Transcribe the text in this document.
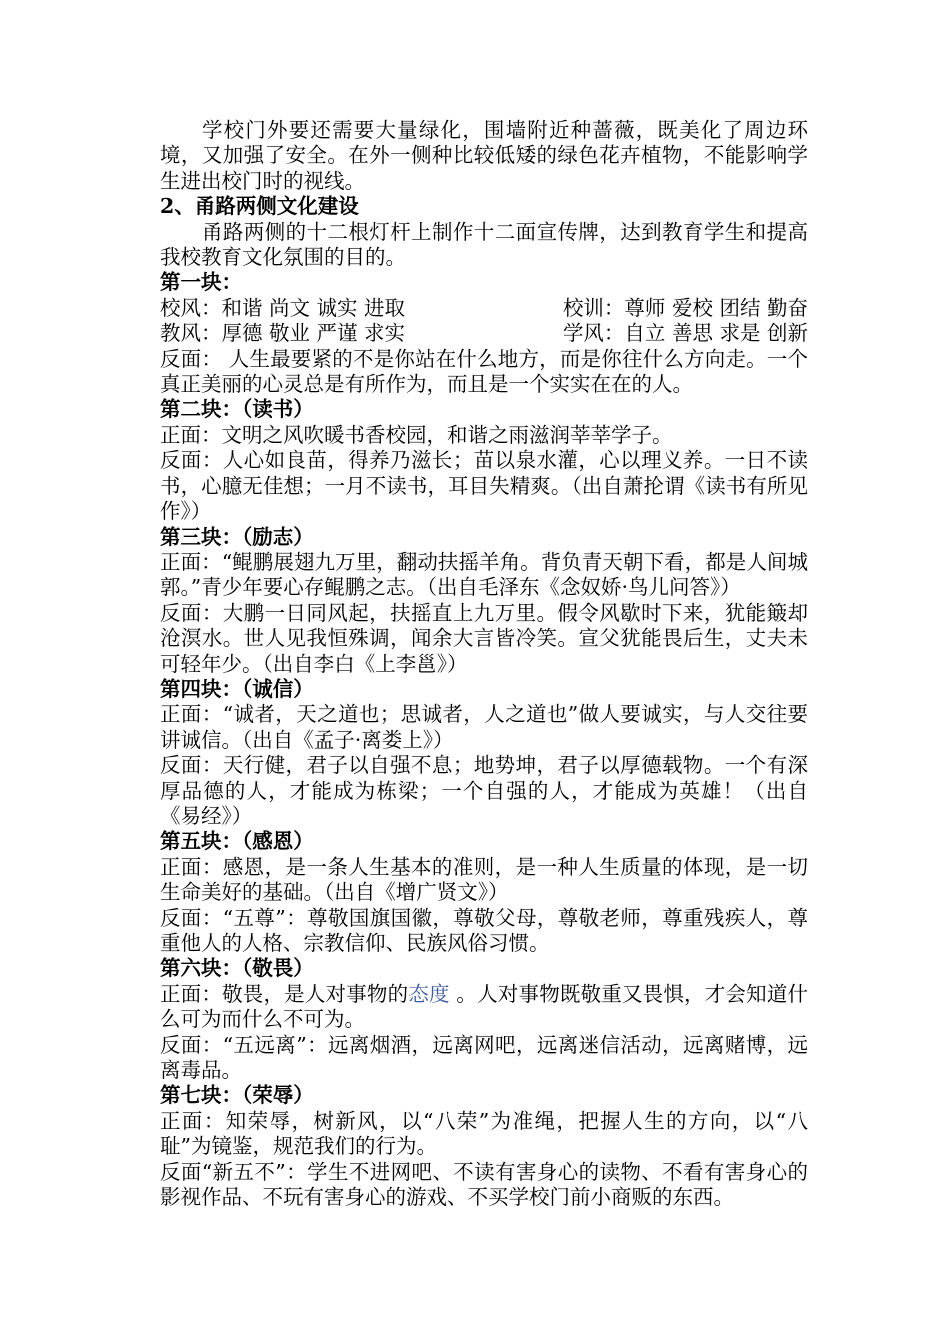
学校门外要还需要大量绿化，围墙附近种蔷薇，既美化了周边环境，又加强了安全。在外一侧种比较低矮的绿色花卉植物，不能影响学生进出校门时的视线。

2、甬路两侧文化建设

甬路两侧的十二根灯杆上制作十二面宣传牌，达到教育学生和提高我校教育文化氛围的目的。

第一块：

校风：和谐 尚文 诚实 进取	校训：尊师 爱校 团结 勤奋
教风：厚德 敬业 严谨 求实	学风：自立 善思 求是 创新

反面： 人生最要紧的不是你站在什么地方，而是你往什么方向走。一个真正美丽的心灵总是有所作为，而且是一个实实在在的人。

第二块：（读书）

正面：文明之风吹暖书香校园，和谐之雨滋润莘莘学子。

反面：人心如良苗，得养乃滋长；苗以泉水灌，心以理义养。一日不读书，心臆无佳想；一月不读书，耳目失精爽。（出自萧抡谓《读书有所见作》）

第三块：（励志）

正面：“鲲鹏展翅九万里，翻动扶摇羊角。背负青天朝下看，都是人间城郭。”青少年要心存鲲鹏之志。（出自毛泽东《念奴娇·鸟儿问答》）

反面：大鹏一日同风起，扶摇直上九万里。假令风歇时下来，犹能簸却沧溟水。世人见我恒殊调，闻余大言皆冷笑。宣父犹能畏后生，丈夫未可轻年少。（出自李白《上李邕》）

第四块：（诚信）

正面：“诚者，天之道也；思诚者，人之道也”做人要诚实，与人交往要讲诚信。（出自《孟子·离娄上》）

反面：天行健，君子以自强不息；地势坤，君子以厚德载物。一个有深厚品德的人，才能成为栋梁；一个自强的人，才能成为英雄！（出自《易经》）

第五块：（感恩）

正面：感恩，是一条人生基本的准则，是一种人生质量的体现，是一切生命美好的基础。（出自《增广贤文》）

反面：“五尊”：尊敬国旗国徽，尊敬父母，尊敬老师，尊重残疾人，尊重他人的人格、宗教信仰、民族风俗习惯。

第六块：（敬畏）

正面：敬畏，是人对事物的态度 。人对事物既敬重又畏惧，才会知道什么可为而什么不可为。

反面：“五远离”：远离烟酒，远离网吧，远离迷信活动，远离赌博，远离毒品。

第七块：（荣辱）

正面：知荣辱，树新风，以“八荣”为准绳，把握人生的方向，以“八耻”为镜鉴，规范我们的行为。

反面“新五不”：学生不进网吧、不读有害身心的读物、不看有害身心的影视作品、不玩有害身心的游戏、不买学校门前小商贩的东西。
